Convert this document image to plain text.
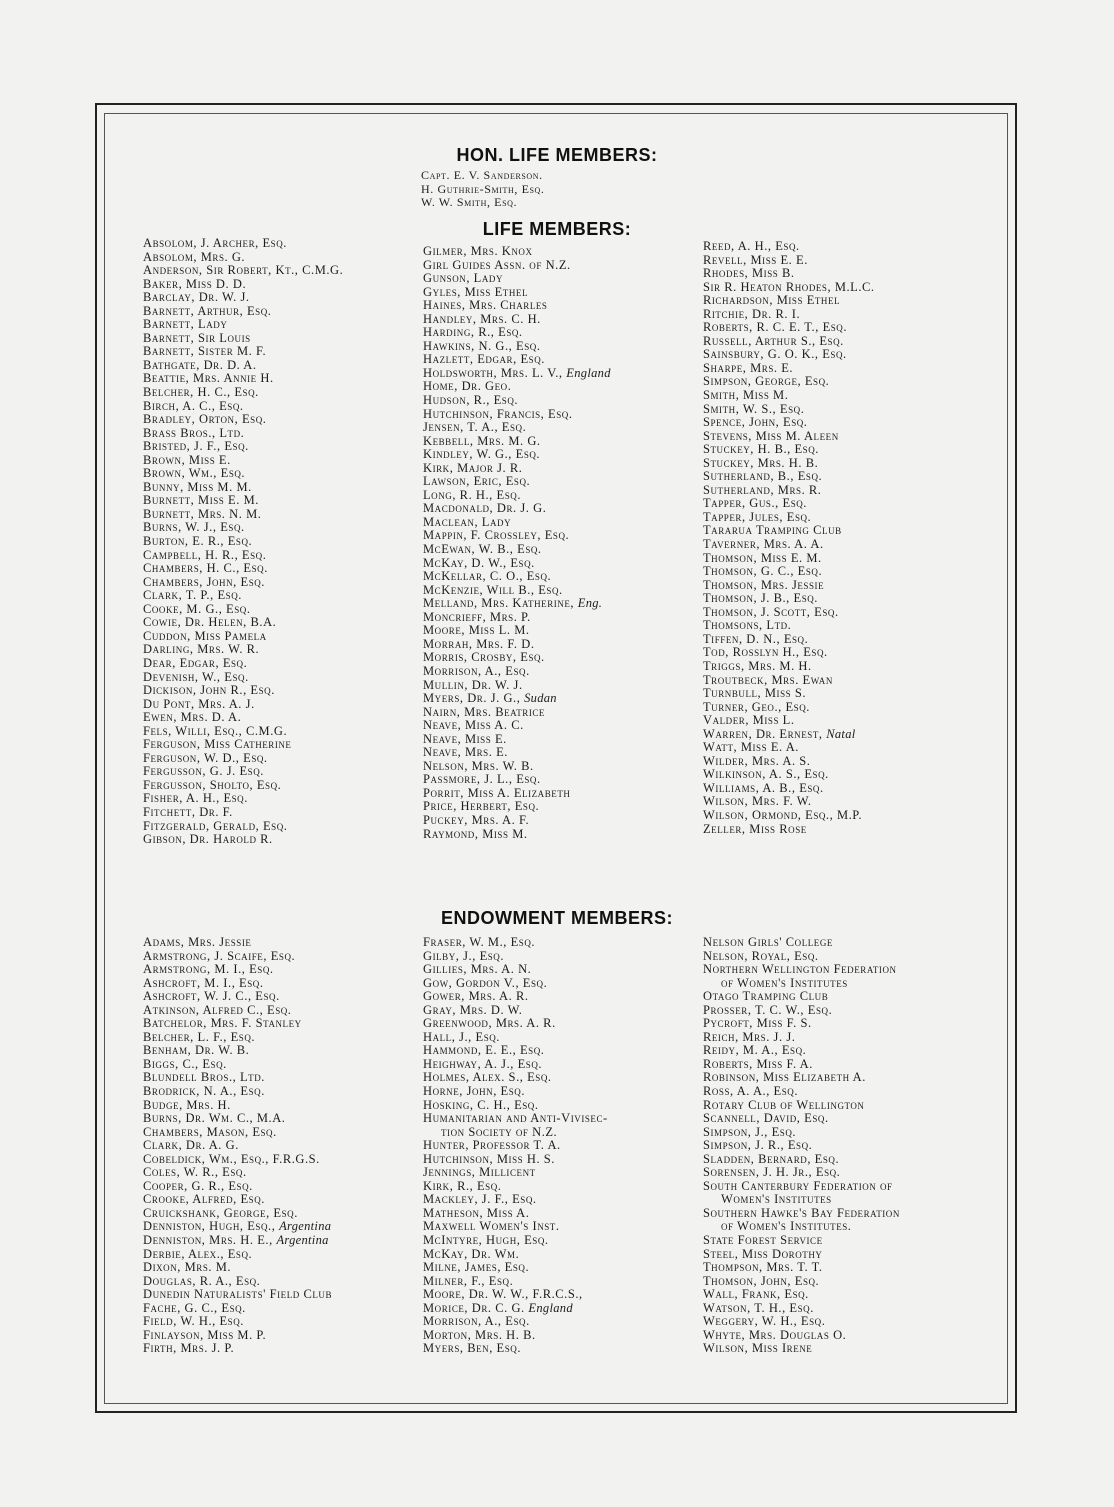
HON. LIFE MEMBERS:
Capt. E. V. Sanderson.
H. Guthrie-Smith, Esq.
W. W. Smith, Esq.
LIFE MEMBERS:
Absolom, J. Archer, Esq.
Absolom, Mrs. G.
Anderson, Sir Robert, Kt., C.M.G.
Baker, Miss D. D.
Barclay, Dr. W. J.
Barnett, Arthur, Esq.
Barnett, Lady
Barnett, Sir Louis
Barnett, Sister M. F.
Bathgate, Dr. D. A.
Beattie, Mrs. Annie H.
Belcher, H. C., Esq.
Birch, A. C., Esq.
Bradley, Orton, Esq.
Brass Bros., Ltd.
Bristed, J. F., Esq.
Brown, Miss E.
Brown, Wm., Esq.
Bunny, Miss M. M.
Burnett, Miss E. M.
Burnett, Mrs. N. M.
Burns, W. J., Esq.
Burton, E. R., Esq.
Campbell, H. R., Esq.
Chambers, H. C., Esq.
Chambers, John, Esq.
Clark, T. P., Esq.
Cooke, M. G., Esq.
Cowie, Dr. Helen, B.A.
Cuddon, Miss Pamela
Darling, Mrs. W. R.
Dear, Edgar, Esq.
Devenish, W., Esq.
Dickison, John R., Esq.
Du Pont, Mrs. A. J.
Ewen, Mrs. D. A.
Fels, Willi, Esq., C.M.G.
Ferguson, Miss Catherine
Ferguson, W. D., Esq.
Fergusson, G. J. Esq.
Fergusson, Sholto, Esq.
Fisher, A. H., Esq.
Fitchett, Dr. F.
Fitzgerald, Gerald, Esq.
Gibson, Dr. Harold R.
Gilmer, Mrs. Knox
Girl Guides Assn. of N.Z.
Gunson, Lady
Gyles, Miss Ethel
Haines, Mrs. Charles
Handley, Mrs. C. H.
Harding, R., Esq.
Hawkins, N. G., Esq.
Hazlett, Edgar, Esq.
Holdsworth, Mrs. L. V., England
Home, Dr. Geo.
Hudson, R., Esq.
Hutchinson, Francis, Esq.
Jensen, T. A., Esq.
Kebbell, Mrs. M. G.
Kindley, W. G., Esq.
Kirk, Major J. R.
Lawson, Eric, Esq.
Long, R. H., Esq.
Macdonald, Dr. J. G.
Maclean, Lady
Mappin, F. Crossley, Esq.
McEwan, W. B., Esq.
McKay, D. W., Esq.
McKellar, C. O., Esq.
McKenzie, Will B., Esq.
Melland, Mrs. Katherine, Eng.
Moncrieff, Mrs. P.
Moore, Miss L. M.
Morrah, Mrs. F. D.
Morris, Crosby, Esq.
Morrison, A., Esq.
Mullin, Dr. W. J.
Myers, Dr. J. G., Sudan
Nairn, Mrs. Beatrice
Neave, Miss A. C.
Neave, Miss E.
Neave, Mrs. E.
Nelson, Mrs. W. B.
Passmore, J. L., Esq.
Porrit, Miss A. Elizabeth
Price, Herbert, Esq.
Puckey, Mrs. A. F.
Raymond, Miss M.
Reed, A. H., Esq.
Revell, Miss E. E.
Rhodes, Miss B.
Sir R. Heaton Rhodes, M.L.C.
Richardson, Miss Ethel
Ritchie, Dr. R. I.
Roberts, R. C. E. T., Esq.
Russell, Arthur S., Esq.
Sainsbury, G. O. K., Esq.
Sharpe, Mrs. E.
Simpson, George, Esq.
Smith, Miss M.
Smith, W. S., Esq.
Spence, John, Esq.
Stevens, Miss M. Aleen
Stuckey, H. B., Esq.
Stuckey, Mrs. H. B.
Sutherland, B., Esq.
Sutherland, Mrs. R.
Tapper, Gus., Esq.
Tapper, Jules, Esq.
Tararua Tramping Club
Taverner, Mrs. A. A.
Thomson, Miss E. M.
Thomson, G. C., Esq.
Thomson, Mrs. Jessie
Thomson, J. B., Esq.
Thomson, J. Scott, Esq.
Thomsons, Ltd.
Tiffen, D. N., Esq.
Tod, Rosslyn H., Esq.
Triggs, Mrs. M. H.
Troutbeck, Mrs. Ewan
Turnbull, Miss S.
Turner, Geo., Esq.
Valder, Miss L.
Warren, Dr. Ernest, Natal
Watt, Miss E. A.
Wilder, Mrs. A. S.
Wilkinson, A. S., Esq.
Williams, A. B., Esq.
Wilson, Mrs. F. W.
Wilson, Ormond, Esq., M.P.
Zeller, Miss Rose
ENDOWMENT MEMBERS:
Adams, Mrs. Jessie
Armstrong, J. Scaife, Esq.
Armstrong, M. I., Esq.
Ashcroft, M. I., Esq.
Ashcroft, W. J. C., Esq.
Atkinson, Alfred C., Esq.
Batchelor, Mrs. F. Stanley
Belcher, L. F., Esq.
Benham, Dr. W. B.
Biggs, C., Esq.
Blundell Bros., Ltd.
Brodrick, N. A., Esq.
Budge, Mrs. H.
Burns, Dr. Wm. C., M.A.
Chambers, Mason, Esq.
Clark, Dr. A. G.
Cobeldick, Wm., Esq., F.R.G.S.
Coles, W. R., Esq.
Cooper, G. R., Esq.
Crooke, Alfred, Esq.
Cruickshank, George, Esq.
Denniston, Hugh, Esq., Argentina
Denniston, Mrs. H. E., Argentina
Derbie, Alex., Esq.
Dixon, Mrs. M.
Douglas, R. A., Esq.
Dunedin Naturalists' Field Club
Fache, G. C., Esq.
Field, W. H., Esq.
Finlayson, Miss M. P.
Firth, Mrs. J. P.
Fraser, W. M., Esq.
Gilby, J., Esq.
Gillies, Mrs. A. N.
Gow, Gordon V., Esq.
Gower, Mrs. A. R.
Gray, Mrs. D. W.
Greenwood, Mrs. A. R.
Hall, J., Esq.
Hammond, E. E., Esq.
Heighway, A. J., Esq.
Holmes, Alex. S., Esq.
Horne, John, Esq.
Hosking, C. H., Esq.
Humanitarian and Anti-Vivisec-
tion Society of N.Z.
Hunter, Professor T. A.
Hutchinson, Miss H. S.
Jennings, Millicent
Kirk, R., Esq.
Mackley, J. F., Esq.
Matheson, Miss A.
Maxwell Women's Inst.
McIntyre, Hugh, Esq.
McKay, Dr. Wm.
Milne, James, Esq.
Milner, F., Esq.
Moore, Dr. W. W., F.R.C.S.,
Morice, Dr. C. G. England
Morrison, A., Esq.
Morton, Mrs. H. B.
Myers, Ben, Esq.
Nelson Girls' College
Nelson, Royal, Esq.
Northern Wellington Federation
of Women's Institutes
Otago Tramping Club
Prosser, T. C. W., Esq.
Pycroft, Miss F. S.
Reich, Mrs. J. J.
Reidy, M. A., Esq.
Roberts, Miss F. A.
Robinson, Miss Elizabeth A.
Ross, A. A., Esq.
Rotary Club of Wellington
Scannell, David, Esq.
Simpson, J., Esq.
Simpson, J. R., Esq.
Sladden, Bernard, Esq.
Sorensen, J. H. Jr., Esq.
South Canterbury Federation of
Women's Institutes
Southern Hawke's Bay Federation
of Women's Institutes.
State Forest Service
Steel, Miss Dorothy
Thompson, Mrs. T. T.
Thomson, John, Esq.
Wall, Frank, Esq.
Watson, T. H., Esq.
Weggery, W. H., Esq.
Whyte, Mrs. Douglas O.
Wilson, Miss Irene
